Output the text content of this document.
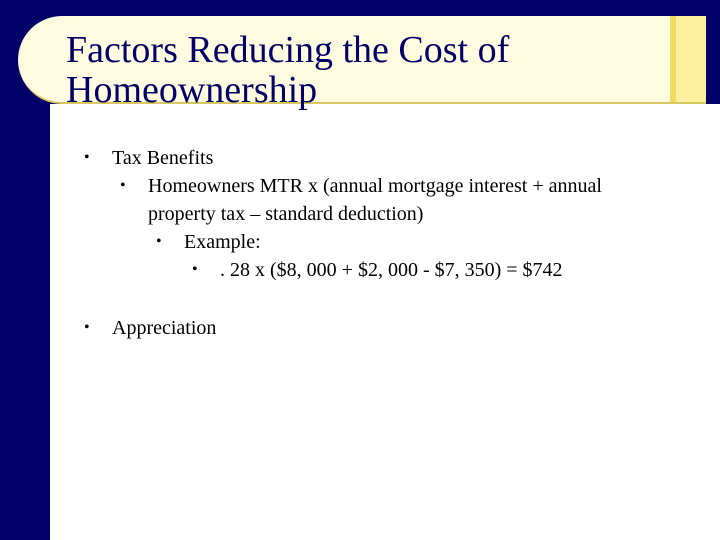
Factors Reducing the Cost of
Homeownership
•	Tax Benefits
•	Homeowners MTR x (annual mortgage interest + annual property tax – standard deduction)
•	Example:
•	. 28 x ($8, 000 + $2, 000 - $7, 350) = $742
•	Appreciation
